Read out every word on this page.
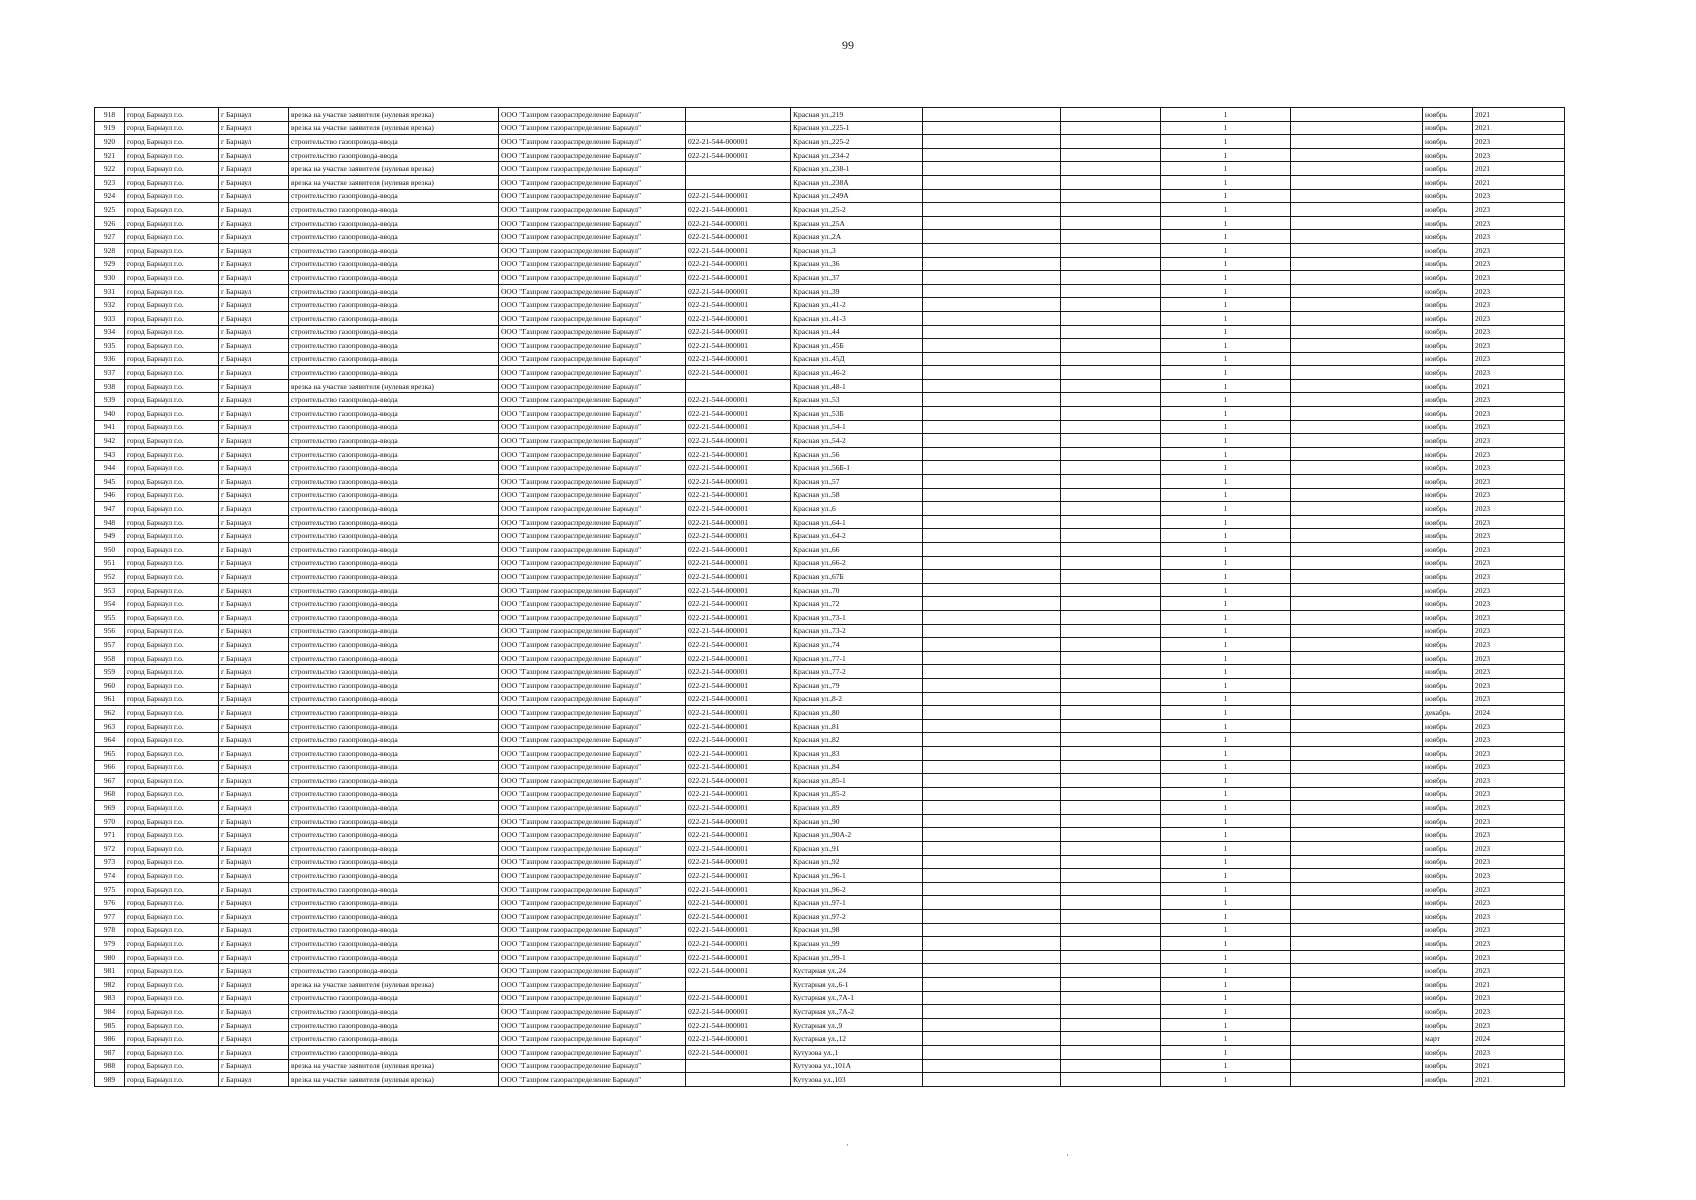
99
918	город Барнаул г.о.	г Барнаул	врезка на участке заявителя (нулевая врезка)	ООО "Газпром газораспределение Барнаул"		Красная ул.,219			1		ноябрь	2021
919	город Барнаул г.о.	г Барнаул	врезка на участке заявителя (нулевая врезка)	ООО "Газпром газораспределение Барнаул"		Красная ул.,225-1			1		ноябрь	2021
920	город Барнаул г.о.	г Барнаул	строительство газопровода-ввода	ООО "Газпром газораспределение Барнаул"	022-21-544-000001	Красная ул.,225-2			1		ноябрь	2023
921	город Барнаул г.о.	г Барнаул	строительство газопровода-ввода	ООО "Газпром газораспределение Барнаул"	022-21-544-000001	Красная ул.,234-2			1		ноябрь	2023
922	город Барнаул г.о.	г Барнаул	врезка на участке заявителя (нулевая врезка)	ООО "Газпром газораспределение Барнаул"		Красная ул.,238-1			1		ноябрь	2021
923	город Барнаул г.о.	г Барнаул	врезка на участке заявителя (нулевая врезка)	ООО "Газпром газораспределение Барнаул"		Красная ул.,238А			1		ноябрь	2021
924	город Барнаул г.о.	г Барнаул	строительство газопровода-ввода	ООО "Газпром газораспределение Барнаул"	022-21-544-000001	Красная ул.,249А			1		ноябрь	2023
925	город Барнаул г.о.	г Барнаул	строительство газопровода-ввода	ООО "Газпром газораспределение Барнаул"	022-21-544-000001	Красная ул.,25-2			1		ноябрь	2023
926	город Барнаул г.о.	г Барнаул	строительство газопровода-ввода	ООО "Газпром газораспределение Барнаул"	022-21-544-000001	Красная ул.,25А			1		ноябрь	2023
927	город Барнаул г.о.	г Барнаул	строительство газопровода-ввода	ООО "Газпром газораспределение Барнаул"	022-21-544-000001	Красная ул.,2А			1		ноябрь	2023
928	город Барнаул г.о.	г Барнаул	строительство газопровода-ввода	ООО "Газпром газораспределение Барнаул"	022-21-544-000001	Красная ул.,3			1		ноябрь	2023
929	город Барнаул г.о.	г Барнаул	строительство газопровода-ввода	ООО "Газпром газораспределение Барнаул"	022-21-544-000001	Красная ул.,36			1		ноябрь	2023
930	город Барнаул г.о.	г Барнаул	строительство газопровода-ввода	ООО "Газпром газораспределение Барнаул"	022-21-544-000001	Красная ул.,37			1		ноябрь	2023
931	город Барнаул г.о.	г Барнаул	строительство газопровода-ввода	ООО "Газпром газораспределение Барнаул"	022-21-544-000001	Красная ул.,39			1		ноябрь	2023
932	город Барнаул г.о.	г Барнаул	строительство газопровода-ввода	ООО "Газпром газораспределение Барнаул"	022-21-544-000001	Красная ул.,41-2			1		ноябрь	2023
933	город Барнаул г.о.	г Барнаул	строительство газопровода-ввода	ООО "Газпром газораспределение Барнаул"	022-21-544-000001	Красная ул.,41-3			1		ноябрь	2023
934	город Барнаул г.о.	г Барнаул	строительство газопровода-ввода	ООО "Газпром газораспределение Барнаул"	022-21-544-000001	Красная ул.,44			1		ноябрь	2023
935	город Барнаул г.о.	г Барнаул	строительство газопровода-ввода	ООО "Газпром газораспределение Барнаул"	022-21-544-000001	Красная ул.,45Б			1		ноябрь	2023
936	город Барнаул г.о.	г Барнаул	строительство газопровода-ввода	ООО "Газпром газораспределение Барнаул"	022-21-544-000001	Красная ул.,45Д			1		ноябрь	2023
937	город Барнаул г.о.	г Барнаул	строительство газопровода-ввода	ООО "Газпром газораспределение Барнаул"	022-21-544-000001	Красная ул.,46-2			1		ноябрь	2023
938	город Барнаул г.о.	г Барнаул	врезка на участке заявителя (нулевая врезка)	ООО "Газпром газораспределение Барнаул"		Красная ул.,48-1			1		ноябрь	2021
939	город Барнаул г.о.	г Барнаул	строительство газопровода-ввода	ООО "Газпром газораспределение Барнаул"	022-21-544-000001	Красная ул.,53			1		ноябрь	2023
940	город Барнаул г.о.	г Барнаул	строительство газопровода-ввода	ООО "Газпром газораспределение Барнаул"	022-21-544-000001	Красная ул.,53Б			1		ноябрь	2023
941	город Барнаул г.о.	г Барнаул	строительство газопровода-ввода	ООО "Газпром газораспределение Барнаул"	022-21-544-000001	Красная ул.,54-1			1		ноябрь	2023
942	город Барнаул г.о.	г Барнаул	строительство газопровода-ввода	ООО "Газпром газораспределение Барнаул"	022-21-544-000001	Красная ул.,54-2			1		ноябрь	2023
943	город Барнаул г.о.	г Барнаул	строительство газопровода-ввода	ООО "Газпром газораспределение Барнаул"	022-21-544-000001	Красная ул.,56			1		ноябрь	2023
944	город Барнаул г.о.	г Барнаул	строительство газопровода-ввода	ООО "Газпром газораспределение Барнаул"	022-21-544-000001	Красная ул.,56Б-1			1		ноябрь	2023
945	город Барнаул г.о.	г Барнаул	строительство газопровода-ввода	ООО "Газпром газораспределение Барнаул"	022-21-544-000001	Красная ул.,57			1		ноябрь	2023
946	город Барнаул г.о.	г Барнаул	строительство газопровода-ввода	ООО "Газпром газораспределение Барнаул"	022-21-544-000001	Красная ул.,58			1		ноябрь	2023
947	город Барнаул г.о.	г Барнаул	строительство газопровода-ввода	ООО "Газпром газораспределение Барнаул"	022-21-544-000001	Красная ул.,6			1		ноябрь	2023
948	город Барнаул г.о.	г Барнаул	строительство газопровода-ввода	ООО "Газпром газораспределение Барнаул"	022-21-544-000001	Красная ул.,64-1			1		ноябрь	2023
949	город Барнаул г.о.	г Барнаул	строительство газопровода-ввода	ООО "Газпром газораспределение Барнаул"	022-21-544-000001	Красная ул.,64-2			1		ноябрь	2023
950	город Барнаул г.о.	г Барнаул	строительство газопровода-ввода	ООО "Газпром газораспределение Барнаул"	022-21-544-000001	Красная ул.,66			1		ноябрь	2023
951	город Барнаул г.о.	г Барнаул	строительство газопровода-ввода	ООО "Газпром газораспределение Барнаул"	022-21-544-000001	Красная ул.,66-2			1		ноябрь	2023
952	город Барнаул г.о.	г Барнаул	строительство газопровода-ввода	ООО "Газпром газораспределение Барнаул"	022-21-544-000001	Красная ул.,67Б			1		ноябрь	2023
953	город Барнаул г.о.	г Барнаул	строительство газопровода-ввода	ООО "Газпром газораспределение Барнаул"	022-21-544-000001	Красная ул.,70			1		ноябрь	2023
954	город Барнаул г.о.	г Барнаул	строительство газопровода-ввода	ООО "Газпром газораспределение Барнаул"	022-21-544-000001	Красная ул.,72			1		ноябрь	2023
955	город Барнаул г.о.	г Барнаул	строительство газопровода-ввода	ООО "Газпром газораспределение Барнаул"	022-21-544-000001	Красная ул.,73-1			1		ноябрь	2023
956	город Барнаул г.о.	г Барнаул	строительство газопровода-ввода	ООО "Газпром газораспределение Барнаул"	022-21-544-000001	Красная ул.,73-2			1		ноябрь	2023
957	город Барнаул г.о.	г Барнаул	строительство газопровода-ввода	ООО "Газпром газораспределение Барнаул"	022-21-544-000001	Красная ул.,74			1		ноябрь	2023
958	город Барнаул г.о.	г Барнаул	строительство газопровода-ввода	ООО "Газпром газораспределение Барнаул"	022-21-544-000001	Красная ул.,77-1			1		ноябрь	2023
959	город Барнаул г.о.	г Барнаул	строительство газопровода-ввода	ООО "Газпром газораспределение Барнаул"	022-21-544-000001	Красная ул.,77-2			1		ноябрь	2023
960	город Барнаул г.о.	г Барнаул	строительство газопровода-ввода	ООО "Газпром газораспределение Барнаул"	022-21-544-000001	Красная ул.,79			1		ноябрь	2023
961	город Барнаул г.о.	г Барнаул	строительство газопровода-ввода	ООО "Газпром газораспределение Барнаул"	022-21-544-000001	Красная ул.,8-2			1		ноябрь	2023
962	город Барнаул г.о.	г Барнаул	строительство газопровода-ввода	ООО "Газпром газораспределение Барнаул"	022-21-544-000001	Красная ул.,80			1		декабрь	2024
963	город Барнаул г.о.	г Барнаул	строительство газопровода-ввода	ООО "Газпром газораспределение Барнаул"	022-21-544-000001	Красная ул.,81			1		ноябрь	2023
964	город Барнаул г.о.	г Барнаул	строительство газопровода-ввода	ООО "Газпром газораспределение Барнаул"	022-21-544-000001	Красная ул.,82			1		ноябрь	2023
965	город Барнаул г.о.	г Барнаул	строительство газопровода-ввода	ООО "Газпром газораспределение Барнаул"	022-21-544-000001	Красная ул.,83			1		ноябрь	2023
966	город Барнаул г.о.	г Барнаул	строительство газопровода-ввода	ООО "Газпром газораспределение Барнаул"	022-21-544-000001	Красная ул.,84			1		ноябрь	2023
967	город Барнаул г.о.	г Барнаул	строительство газопровода-ввода	ООО "Газпром газораспределение Барнаул"	022-21-544-000001	Красная ул.,85-1			1		ноябрь	2023
968	город Барнаул г.о.	г Барнаул	строительство газопровода-ввода	ООО "Газпром газораспределение Барнаул"	022-21-544-000001	Красная ул.,85-2			1		ноябрь	2023
969	город Барнаул г.о.	г Барнаул	строительство газопровода-ввода	ООО "Газпром газораспределение Барнаул"	022-21-544-000001	Красная ул.,89			1		ноябрь	2023
970	город Барнаул г.о.	г Барнаул	строительство газопровода-ввода	ООО "Газпром газораспределение Барнаул"	022-21-544-000001	Красная ул.,90			1		ноябрь	2023
971	город Барнаул г.о.	г Барнаул	строительство газопровода-ввода	ООО "Газпром газораспределение Барнаул"	022-21-544-000001	Красная ул.,90А-2			1		ноябрь	2023
972	город Барнаул г.о.	г Барнаул	строительство газопровода-ввода	ООО "Газпром газораспределение Барнаул"	022-21-544-000001	Красная ул.,91			1		ноябрь	2023
973	город Барнаул г.о.	г Барнаул	строительство газопровода-ввода	ООО "Газпром газораспределение Барнаул"	022-21-544-000001	Красная ул.,92			1		ноябрь	2023
974	город Барнаул г.о.	г Барнаул	строительство газопровода-ввода	ООО "Газпром газораспределение Барнаул"	022-21-544-000001	Красная ул.,96-1			1		ноябрь	2023
975	город Барнаул г.о.	г Барнаул	строительство газопровода-ввода	ООО "Газпром газораспределение Барнаул"	022-21-544-000001	Красная ул.,96-2			1		ноябрь	2023
976	город Барнаул г.о.	г Барнаул	строительство газопровода-ввода	ООО "Газпром газораспределение Барнаул"	022-21-544-000001	Красная ул.,97-1			1		ноябрь	2023
977	город Барнаул г.о.	г Барнаул	строительство газопровода-ввода	ООО "Газпром газораспределение Барнаул"	022-21-544-000001	Красная ул.,97-2			1		ноябрь	2023
978	город Барнаул г.о.	г Барнаул	строительство газопровода-ввода	ООО "Газпром газораспределение Барнаул"	022-21-544-000001	Красная ул.,98			1		ноябрь	2023
979	город Барнаул г.о.	г Барнаул	строительство газопровода-ввода	ООО "Газпром газораспределение Барнаул"	022-21-544-000001	Красная ул.,99			1		ноябрь	2023
980	город Барнаул г.о.	г Барнаул	строительство газопровода-ввода	ООО "Газпром газораспределение Барнаул"	022-21-544-000001	Красная ул.,99-1			1		ноябрь	2023
981	город Барнаул г.о.	г Барнаул	строительство газопровода-ввода	ООО "Газпром газораспределение Барнаул"	022-21-544-000001	Кустарная ул.,24			1		ноябрь	2023
982	город Барнаул г.о.	г Барнаул	врезка на участке заявителя (нулевая врезка)	ООО "Газпром газораспределение Барнаул"		Кустарная ул.,6-1			1		ноябрь	2021
983	город Барнаул г.о.	г Барнаул	строительство газопровода-ввода	ООО "Газпром газораспределение Барнаул"	022-21-544-000001	Кустарная ул.,7А-1			1		ноябрь	2023
984	город Барнаул г.о.	г Барнаул	строительство газопровода-ввода	ООО "Газпром газораспределение Барнаул"	022-21-544-000001	Кустарная ул.,7А-2			1		ноябрь	2023
985	город Барнаул г.о.	г Барнаул	строительство газопровода-ввода	ООО "Газпром газораспределение Барнаул"	022-21-544-000001	Кустарная ул.,9			1		ноябрь	2023
986	город Барнаул г.о.	г Барнаул	строительство газопровода-ввода	ООО "Газпром газораспределение Барнаул"	022-21-544-000001	Кустарная ул.,12			1		март	2024
987	город Барнаул г.о.	г Барнаул	строительство газопровода-ввода	ООО "Газпром газораспределение Барнаул"	022-21-544-000001	Кутузова ул.,1			1		ноябрь	2023
988	город Барнаул г.о.	г Барнаул	врезка на участке заявителя (нулевая врезка)	ООО "Газпром газораспределение Барнаул"		Кутузова ул.,101А			1		ноябрь	2021
989	город Барнаул г.о.	г Барнаул	врезка на участке заявителя (нулевая врезка)	ООО "Газпром газораспределение Барнаул"		Кутузова ул.,103			1		ноябрь	2021
·
·
